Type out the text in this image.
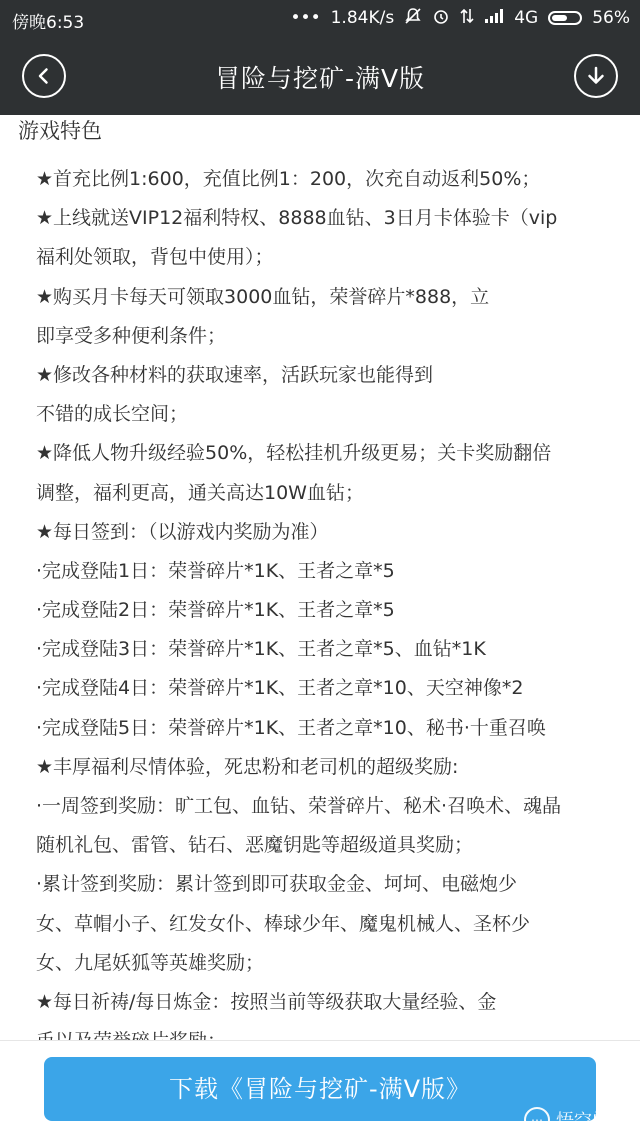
傍晚6:53	••• 1.84K/s	4G	56%
冒险与挖矿-满V版
游戏特色
★首充比例1:600，充值比例1：200，次充自动返利50%；
★上线就送VIP12福利特权、8888血钻、3日月卡体验卡（vip
福利处领取，背包中使用）；
★购买月卡每天可领取3000血钻，荣誉碎片*888，立
即享受多种便利条件；
★修改各种材料的获取速率，活跃玩家也能得到
不错的成长空间；
★降低人物升级经验50%，轻松挂机升级更易；关卡奖励翻倍
调整，福利更高，通关高达10W血钻；
★每日签到：（以游戏内奖励为准）
·完成登陆1日：荣誉碎片*1K、王者之章*5
·完成登陆2日：荣誉碎片*1K、王者之章*5
·完成登陆3日：荣誉碎片*1K、王者之章*5、血钻*1K
·完成登陆4日：荣誉碎片*1K、王者之章*10、天空神像*2
·完成登陆5日：荣誉碎片*1K、王者之章*10、秘书·十重召唤
★丰厚福利尽情体验，死忠粉和老司机的超级奖励:
·一周签到奖励：旷工包、血钻、荣誉碎片、秘术·召唤术、魂晶
随机礼包、雷管、钻石、恶魔钥匙等超级道具奖励；
·累计签到奖励：累计签到即可获取金金、坷坷、电磁炮少
女、草帽小子、红发女仆、棒球少年、魔鬼机械人、圣杯少
女、九尾妖狐等英雄奖励；
★每日祈祷/每日炼金：按照当前等级获取大量经验、金
下载《冒险与挖矿-满V版》
⋯ 悟空问答
